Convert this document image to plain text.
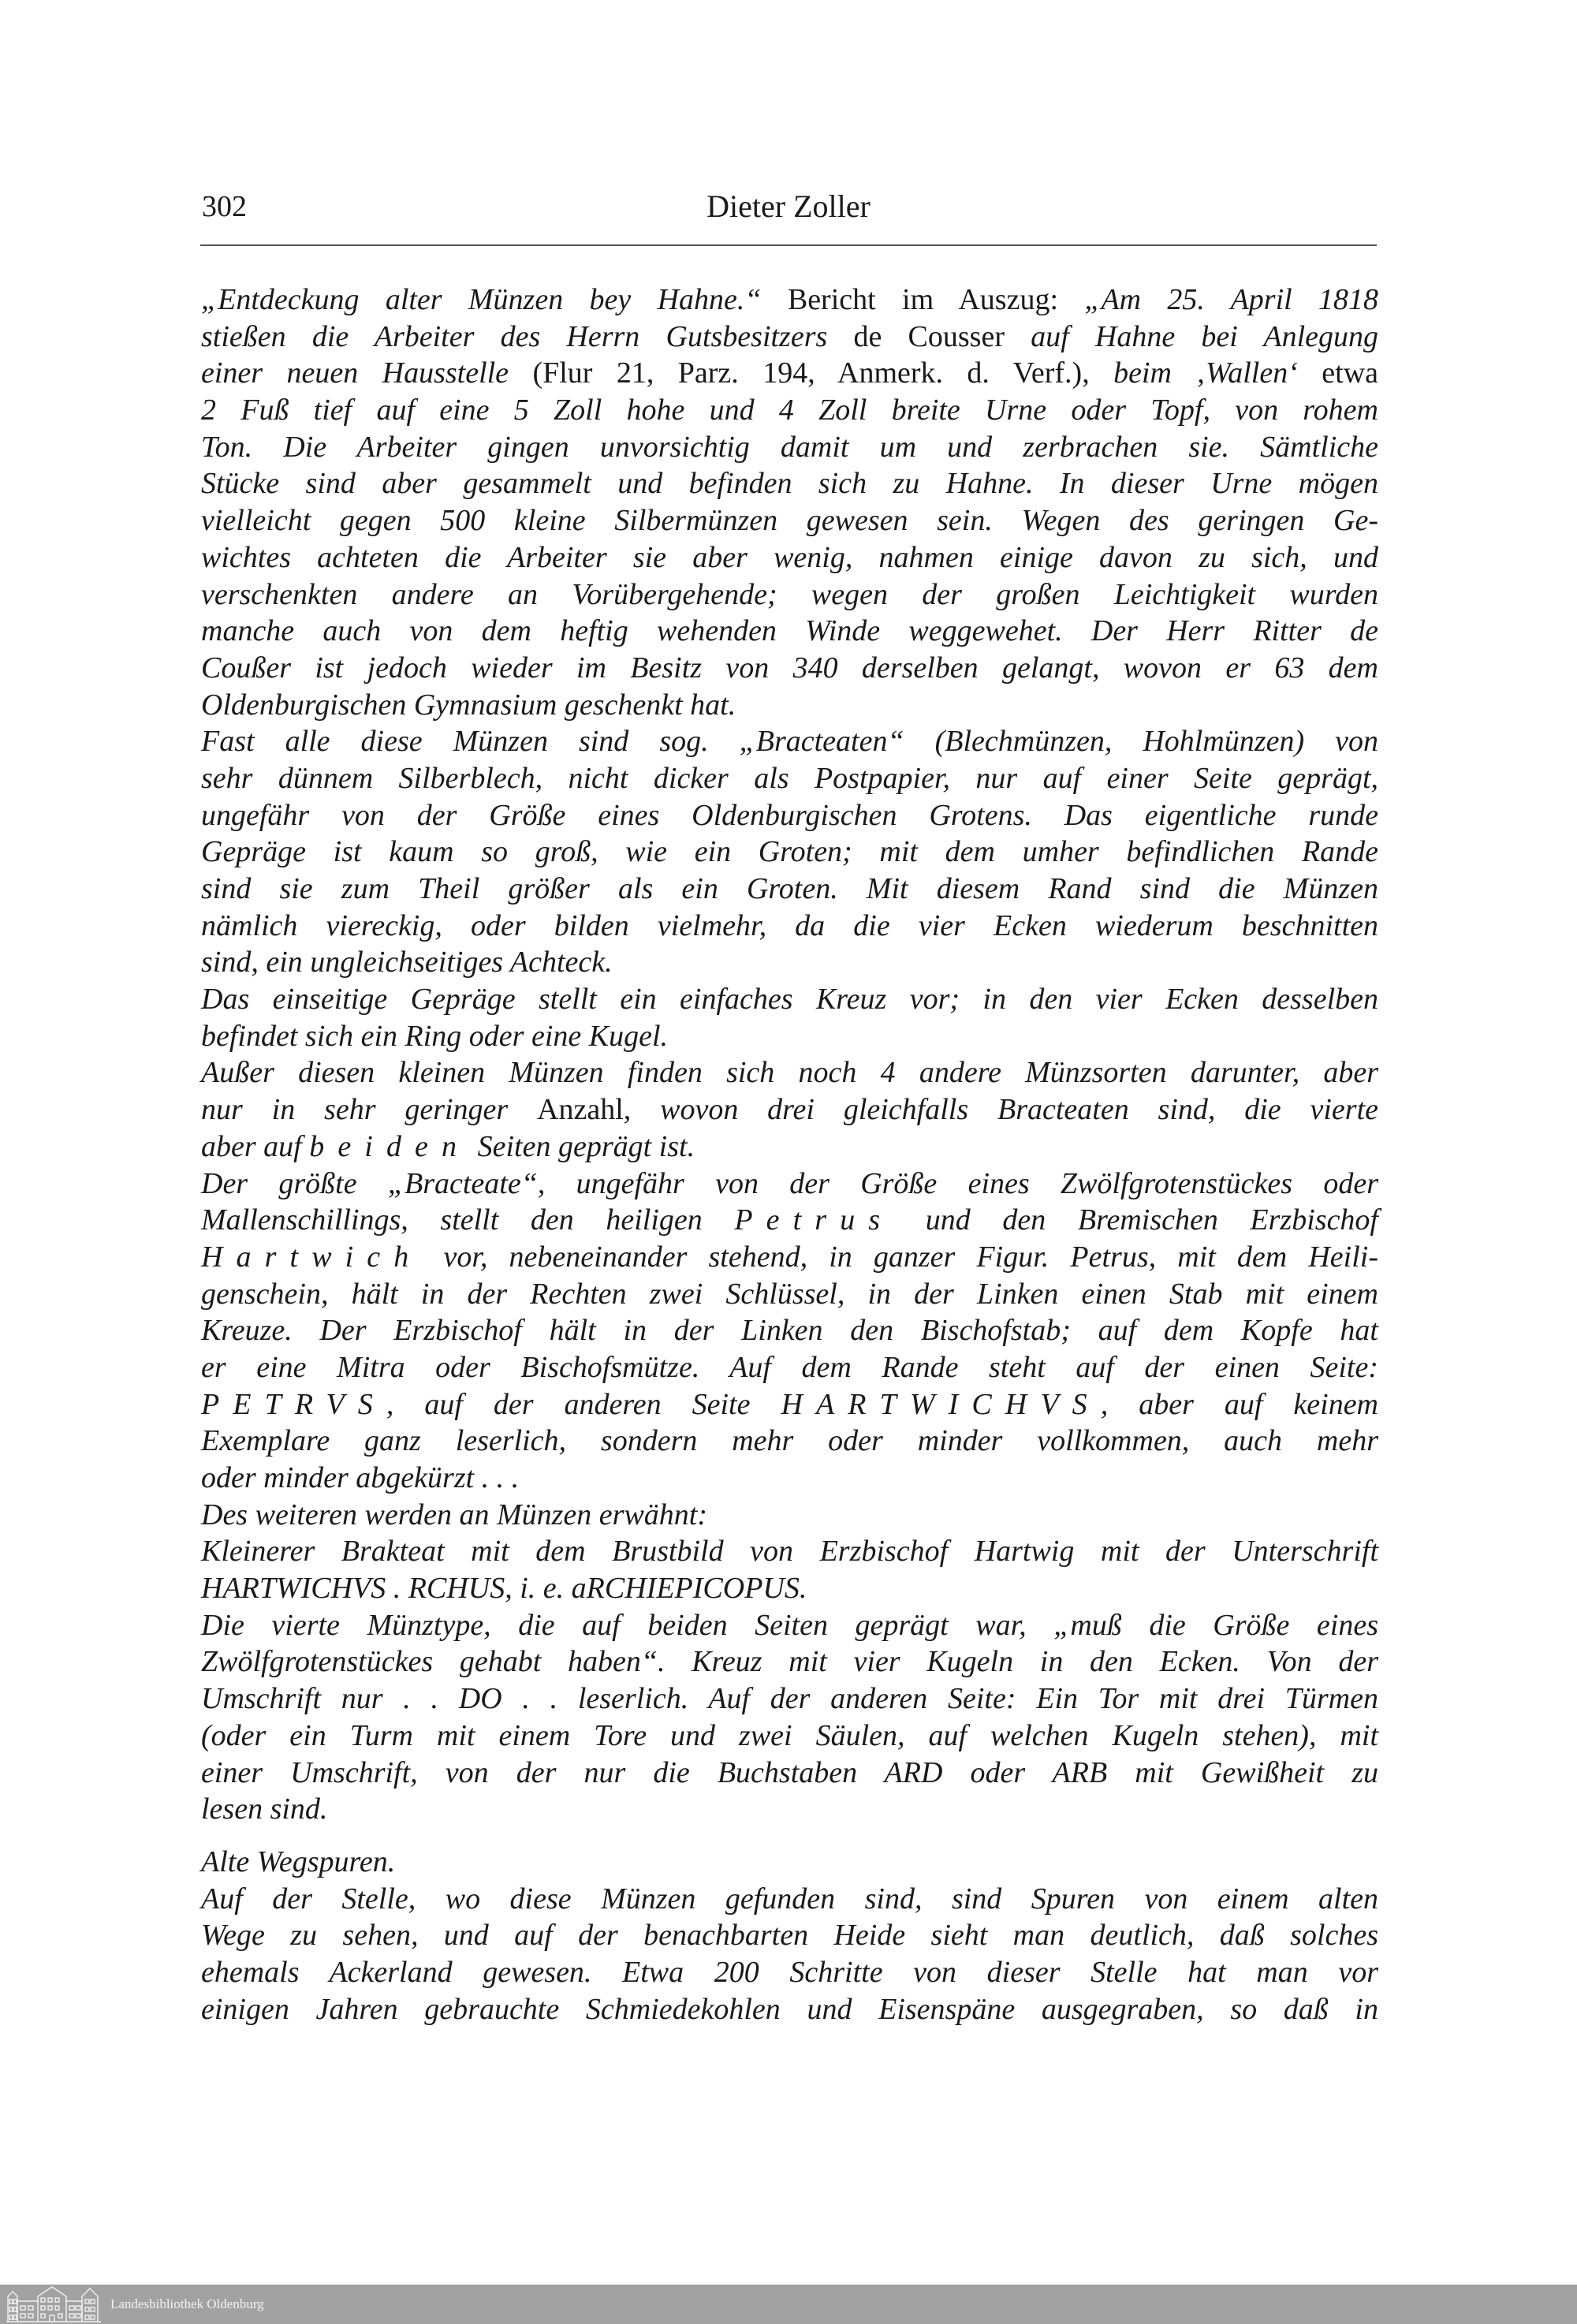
302	Dieter Zoller
„Entdeckung alter Münzen bey Hahne.“ Bericht im Auszug: „Am 25. April 1818
stießen die Arbeiter des Herrn Gutsbesitzers de Cousser auf Hahne bei Anlegung
einer neuen Hausstelle (Flur 21, Parz. 194, Anmerk. d. Verf.), beim ‚Wallen‘ etwa
2 Fuß tief auf eine 5 Zoll hohe und 4 Zoll breite Urne oder Topf, von rohem
Ton. Die Arbeiter gingen unvorsichtig damit um und zerbrachen sie. Sämtliche
Stücke sind aber gesammelt und befinden sich zu Hahne. In dieser Urne mögen
vielleicht gegen 500 kleine Silbermünzen gewesen sein. Wegen des geringen Ge-
wichtes achteten die Arbeiter sie aber wenig, nahmen einige davon zu sich, und
verschenkten andere an Vorübergehende; wegen der großen Leichtigkeit wurden
manche auch von dem heftig wehenden Winde weggewehet. Der Herr Ritter de
Coußer ist jedoch wieder im Besitz von 340 derselben gelangt, wovon er 63 dem
Oldenburgischen Gymnasium geschenkt hat.
Fast alle diese Münzen sind sog. „Bracteaten“ (Blechmünzen, Hohlmünzen) von
sehr dünnem Silberblech, nicht dicker als Postpapier, nur auf einer Seite geprägt,
ungefähr von der Größe eines Oldenburgischen Grotens. Das eigentliche runde
Gepräge ist kaum so groß, wie ein Groten; mit dem umher befindlichen Rande
sind sie zum Theil größer als ein Groten. Mit diesem Rand sind die Münzen
nämlich viereckig, oder bilden vielmehr, da die vier Ecken wiederum beschnitten
sind, ein ungleichseitiges Achteck.
Das einseitige Gepräge stellt ein einfaches Kreuz vor; in den vier Ecken desselben
befindet sich ein Ring oder eine Kugel.
Außer diesen kleinen Münzen finden sich noch 4 andere Münzsorten darunter, aber
nur in sehr geringer Anzahl, wovon drei gleichfalls Bracteaten sind, die vierte
aber auf beiden Seiten geprägt ist.
Der größte „Bracteate“, ungefähr von der Größe eines Zwölfgrotenstückes oder
Mallenschillings, stellt den heiligen Petrus und den Bremischen Erzbischof
Hartwich vor, nebeneinander stehend, in ganzer Figur. Petrus, mit dem Heili-
genschein, hält in der Rechten zwei Schlüssel, in der Linken einen Stab mit einem
Kreuze. Der Erzbischof hält in der Linken den Bischofstab; auf dem Kopfe hat
er eine Mitra oder Bischofsmütze. Auf dem Rande steht auf der einen Seite:
PETRVS, auf der anderen Seite HARTWICHVS, aber auf keinem
Exemplare ganz leserlich, sondern mehr oder minder vollkommen, auch mehr
oder minder abgekürzt . . .
Des weiteren werden an Münzen erwähnt:
Kleinerer Brakteat mit dem Brustbild von Erzbischof Hartwig mit der Unterschrift
HARTWICHVS . RCHUS, i. e. aRCHIEPICOPUS.
Die vierte Münztype, die auf beiden Seiten geprägt war, „muß die Größe eines
Zwölfgrotenstückes gehabt haben“. Kreuz mit vier Kugeln in den Ecken. Von der
Umschrift nur . . DO . . leserlich. Auf der anderen Seite: Ein Tor mit drei Türmen
(oder ein Turm mit einem Tore und zwei Säulen, auf welchen Kugeln stehen), mit
einer Umschrift, von der nur die Buchstaben ARD oder ARB mit Gewißheit zu
lesen sind.
Alte Wegspuren.
Auf der Stelle, wo diese Münzen gefunden sind, sind Spuren von einem alten
Wege zu sehen, und auf der benachbarten Heide sieht man deutlich, daß solches
ehemals Ackerland gewesen. Etwa 200 Schritte von dieser Stelle hat man vor
einigen Jahren gebrauchte Schmiedekohlen und Eisenspäne ausgegraben, so daß in
Landesbibliothek Oldenburg
